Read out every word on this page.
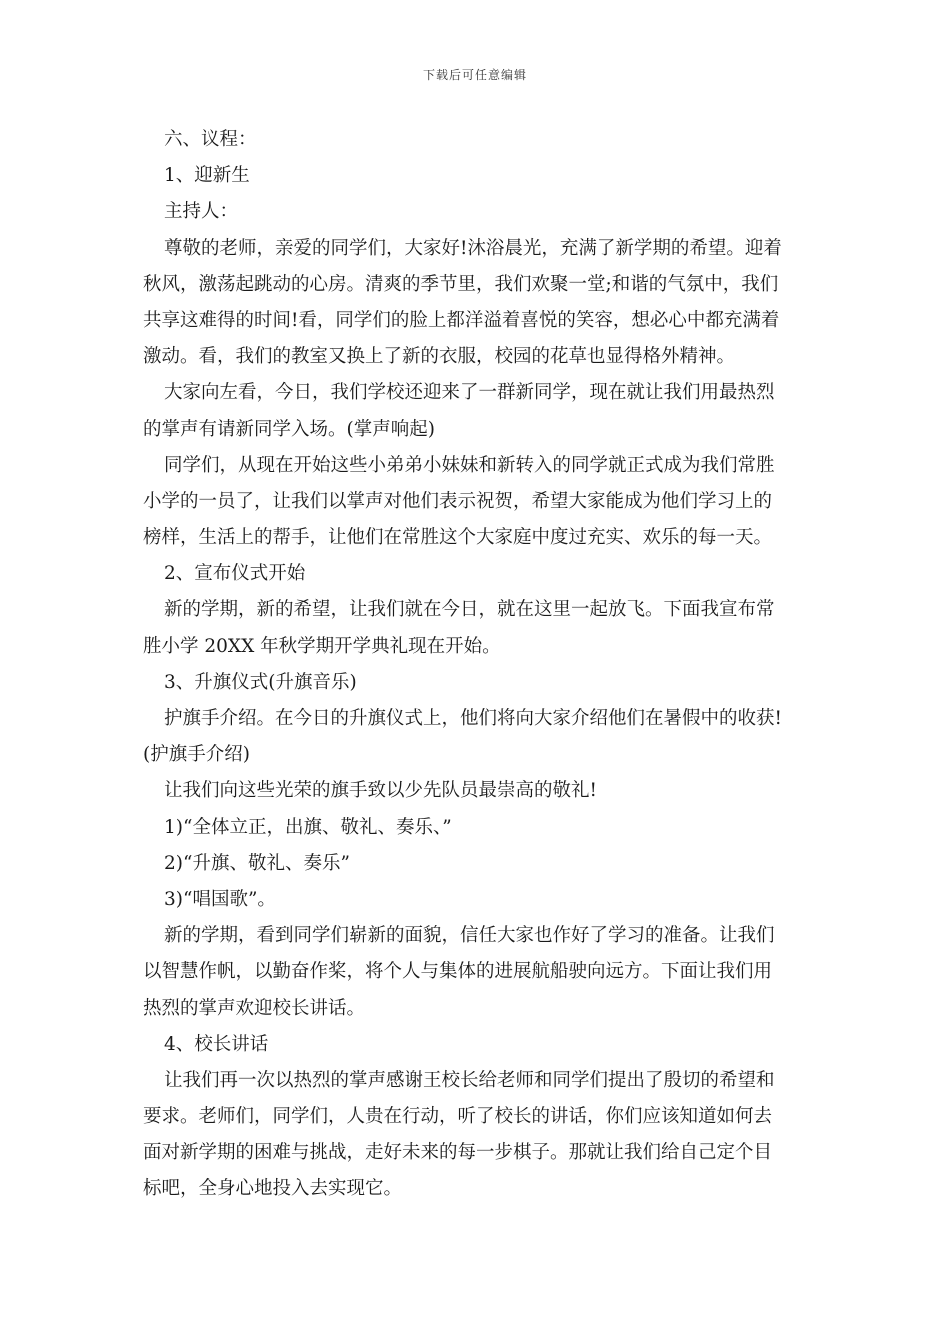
下载后可任意编辑
六、议程：
1、迎新生
主持人：
尊敬的老师，亲爱的同学们，大家好!沐浴晨光，充满了新学期的希望。迎着
秋风，激荡起跳动的心房。清爽的季节里，我们欢聚一堂;和谐的气氛中，我们
共享这难得的时间!看，同学们的脸上都洋溢着喜悦的笑容，想必心中都充满着
激动。看，我们的教室又换上了新的衣服，校园的花草也显得格外精神。
大家向左看，今日，我们学校还迎来了一群新同学，现在就让我们用最热烈
的掌声有请新同学入场。(掌声响起)
同学们，从现在开始这些小弟弟小妹妹和新转入的同学就正式成为我们常胜
小学的一员了，让我们以掌声对他们表示祝贺，希望大家能成为他们学习上的
榜样，生活上的帮手，让他们在常胜这个大家庭中度过充实、欢乐的每一天。
2、宣布仪式开始
新的学期，新的希望，让我们就在今日，就在这里一起放飞。下面我宣布常
胜小学 20XX 年秋学期开学典礼现在开始。
3、升旗仪式(升旗音乐)
护旗手介绍。在今日的升旗仪式上，他们将向大家介绍他们在暑假中的收获!
(护旗手介绍)
让我们向这些光荣的旗手致以少先队员最崇高的敬礼!
1)“全体立正，出旗、敬礼、奏乐、”
2)“升旗、敬礼、奏乐”
3)“唱国歌”。
新的学期，看到同学们崭新的面貌，信任大家也作好了学习的准备。让我们
以智慧作帆，以勤奋作桨，将个人与集体的进展航船驶向远方。下面让我们用
热烈的掌声欢迎校长讲话。
4、校长讲话
让我们再一次以热烈的掌声感谢王校长给老师和同学们提出了殷切的希望和
要求。老师们，同学们，人贵在行动，听了校长的讲话，你们应该知道如何去
面对新学期的困难与挑战，走好未来的每一步棋子。那就让我们给自己定个目
标吧，全身心地投入去实现它。
